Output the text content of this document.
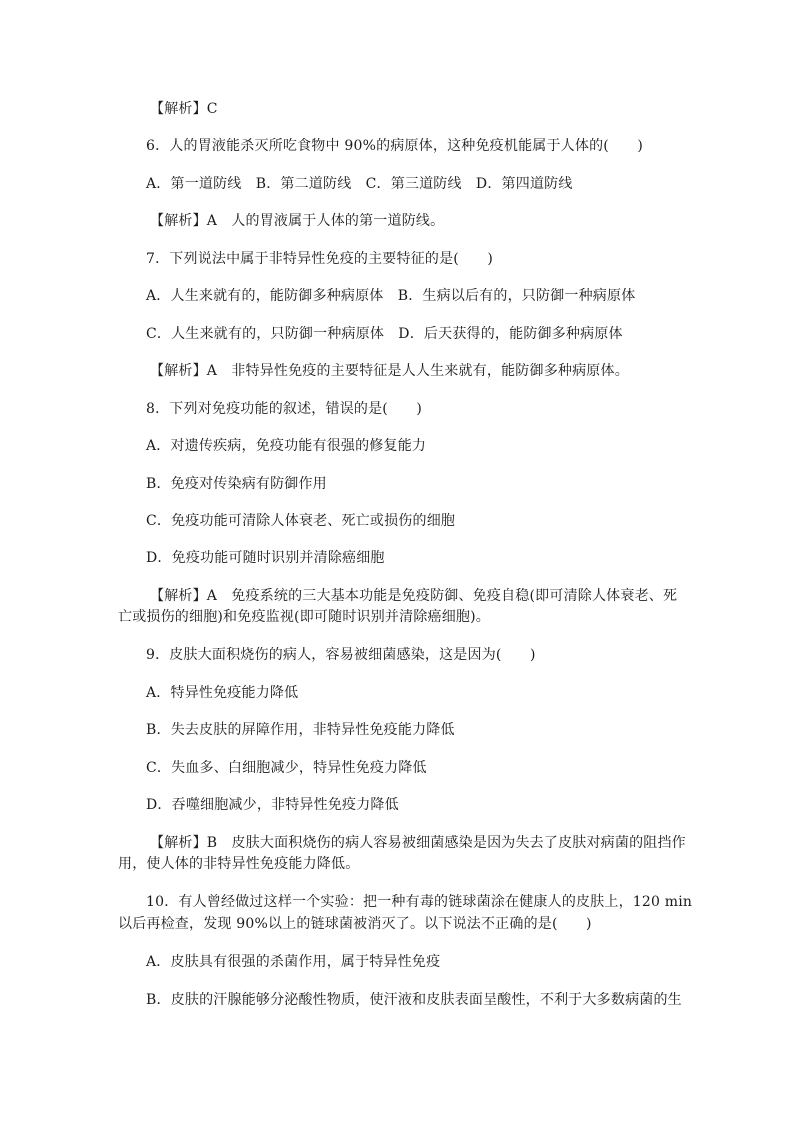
【解析】C
6．人的胃液能杀灭所吃食物中 90%的病原体，这种免疫机能属于人体的(　　)
A．第一道防线　B．第二道防线　C．第三道防线　D．第四道防线
【解析】A　人的胃液属于人体的第一道防线。
7．下列说法中属于非特异性免疫的主要特征的是(　　)
A．人生来就有的，能防御多种病原体　B．生病以后有的，只防御一种病原体
C．人生来就有的，只防御一种病原体　D．后天获得的，能防御多种病原体
【解析】A　非特异性免疫的主要特征是人人生来就有，能防御多种病原体。
8．下列对免疫功能的叙述，错误的是(　　)
A．对遗传疾病，免疫功能有很强的修复能力
B．免疫对传染病有防御作用
C．免疫功能可清除人体衰老、死亡或损伤的细胞
D．免疫功能可随时识别并清除癌细胞
【解析】A　免疫系统的三大基本功能是免疫防御、免疫自稳(即可清除人体衰老、死
亡或损伤的细胞)和免疫监视(即可随时识别并清除癌细胞)。
9．皮肤大面积烧伤的病人，容易被细菌感染，这是因为(　　)
A．特异性免疫能力降低
B．失去皮肤的屏障作用，非特异性免疫能力降低
C．失血多、白细胞减少，特异性免疫力降低
D．吞噬细胞减少，非特异性免疫力降低
【解析】B　皮肤大面积烧伤的病人容易被细菌感染是因为失去了皮肤对病菌的阻挡作
用，使人体的非特异性免疫能力降低。
10．有人曾经做过这样一个实验：把一种有毒的链球菌涂在健康人的皮肤上，120 min
以后再检查，发现 90%以上的链球菌被消灭了。以下说法不正确的是(　　)
A．皮肤具有很强的杀菌作用，属于特异性免疫
B．皮肤的汗腺能够分泌酸性物质，使汗液和皮肤表面呈酸性，不利于大多数病菌的生
